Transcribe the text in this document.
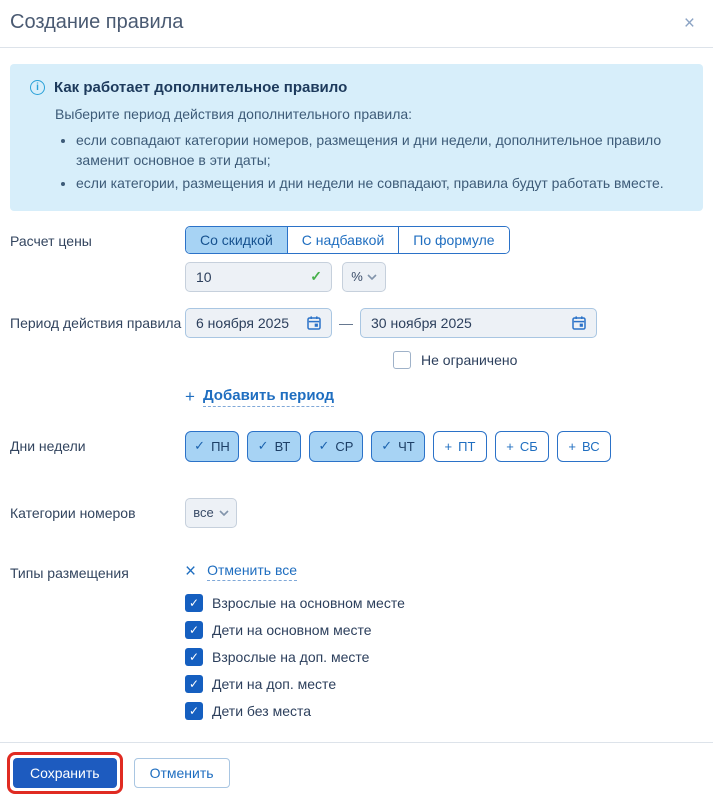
Создание правила	×
i	Как работает дополнительное правило
Выберите период действия дополнительного правила:
• если совпадают категории номеров, размещения и дни недели, дополнительное правило заменит основное в эти даты;
• если категории, размещения и дни недели не совпадают, правила будут работать вместе.
Расчет цены	Со скидкой	С надбавкой	По формуле
10	✓ %
Период действия правила 6 ноября 2025	— 30 ноября 2025
Не ограничено
+ Добавить период
Дни недели	✓ ПН ✓ ВТ ✓ СР ✓ ЧТ + ПТ + СБ + ВС
Категории номеров	все
Типы размещения	× Отменить все
✓ Взрослые на основном месте
✓ Дети на основном месте
✓ Взрослые на доп. месте
✓ Дети на доп. месте
✓ Дети без места
Сохранить	Отменить
